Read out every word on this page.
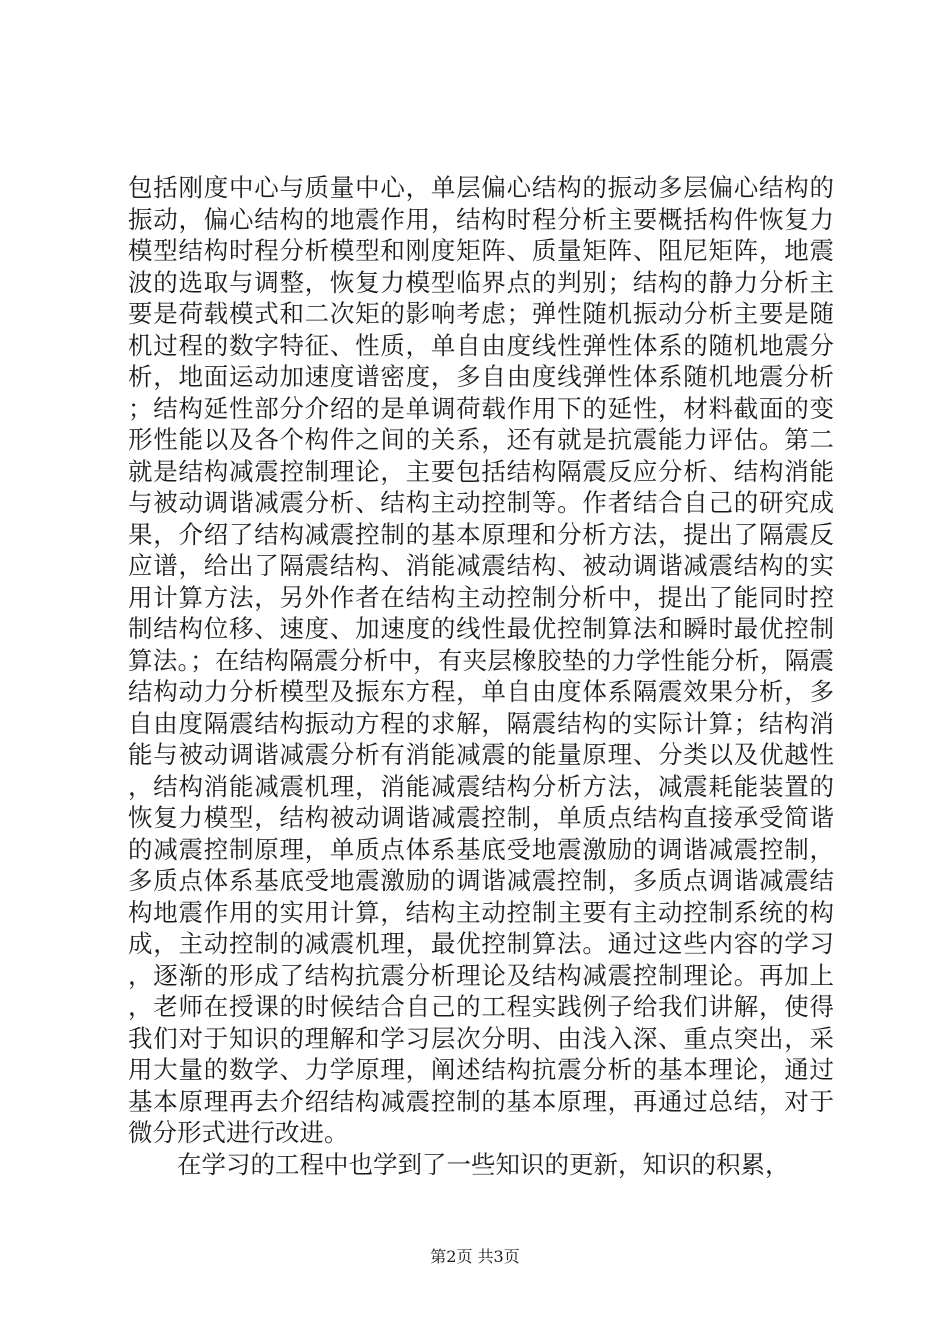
包括刚度中心与质量中心，单层偏心结构的振动多层偏心结构的振动，偏心结构的地震作用，结构时程分析主要概括构件恢复力模型结构时程分析模型和刚度矩阵、质量矩阵、阻尼矩阵，地震波的选取与调整，恢复力模型临界点的判别；结构的静力分析主要是荷载模式和二次矩的影响考虑；弹性随机振动分析主要是随机过程的数字特征、性质，单自由度线性弹性体系的随机地震分析，地面运动加速度谱密度，多自由度线弹性体系随机地震分析；结构延性部分介绍的是单调荷载作用下的延性，材料截面的变形性能以及各个构件之间的关系，还有就是抗震能力评估。第二就是结构减震控制理论，主要包括结构隔震反应分析、结构消能与被动调谐减震分析、结构主动控制等。作者结合自己的研究成果，介绍了结构减震控制的基本原理和分析方法，提出了隔震反应谱，给出了隔震结构、消能减震结构、被动调谐减震结构的实用计算方法，另外作者在结构主动控制分析中，提出了能同时控制结构位移、速度、加速度的线性最优控制算法和瞬时最优控制算法。；在结构隔震分析中，有夹层橡胶垫的力学性能分析，隔震结构动力分析模型及振东方程，单自由度体系隔震效果分析，多自由度隔震结构振动方程的求解，隔震结构的实际计算；结构消能与被动调谐减震分析有消能减震的能量原理、分类以及优越性，结构消能减震机理，消能减震结构分析方法，减震耗能装置的恢复力模型，结构被动调谐减震控制，单质点结构直接承受简谐的减震控制原理，单质点体系基底受地震激励的调谐减震控制，多质点体系基底受地震激励的调谐减震控制，多质点调谐减震结构地震作用的实用计算，结构主动控制主要有主动控制系统的构成，主动控制的减震机理，最优控制算法。通过这些内容的学习，逐渐的形成了结构抗震分析理论及结构减震控制理论。再加上，老师在授课的时候结合自己的工程实践例子给我们讲解，使得我们对于知识的理解和学习层次分明、由浅入深、重点突出，采用大量的数学、力学原理，阐述结构抗震分析的基本理论，通过基本原理再去介绍结构减震控制的基本原理，再通过总结，对于微分形式进行改进。

在学习的工程中也学到了一些知识的更新，知识的积累，

第2页 共3页
